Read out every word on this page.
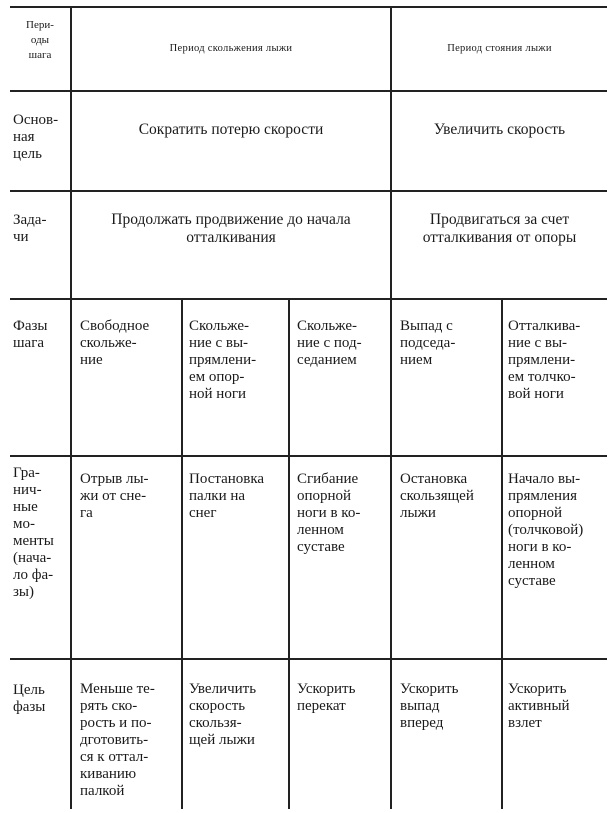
Пери-
оды
шага
Период скольжения лыжи	Период стояния лыжи
Основ-
ная
цель
Сократить потерю скорости	Увеличить скорость
Зада-
чи
Продолжать продвижение до начала
отталкивания
Продвигаться за счет
отталкивания от опоры
Фазы
шага
Свободное
скольже-
ние
Скольже-
ние с вы-
прямлени-
ем опор-
ной ноги
Скольже-
ние с под-
седанием
Выпад с
подседа-
нием
Отталкива-
ние с вы-
прямлени-
ем толчко-
вой ноги
Гра-
нич-
ные
мо-
менты
(нача-
ло фа-
зы)
Отрыв лы-
жи от сне-
га
Постановка
палки на
снег
Сгибание
опорной
ноги в ко-
ленном
суставе
Остановка
скользящей
лыжи
Начало вы-
прямления
опорной
(толчковой)
ноги в ко-
ленном
суставе
Цель
фазы
Меньше те-
рять ско-
рость и по-
дготовить-
ся к оттал-
киванию
палкой
Увеличить
скорость
скользя-
щей лыжи
Ускорить
перекат
Ускорить
выпад
вперед
Ускорить
активный
взлет
